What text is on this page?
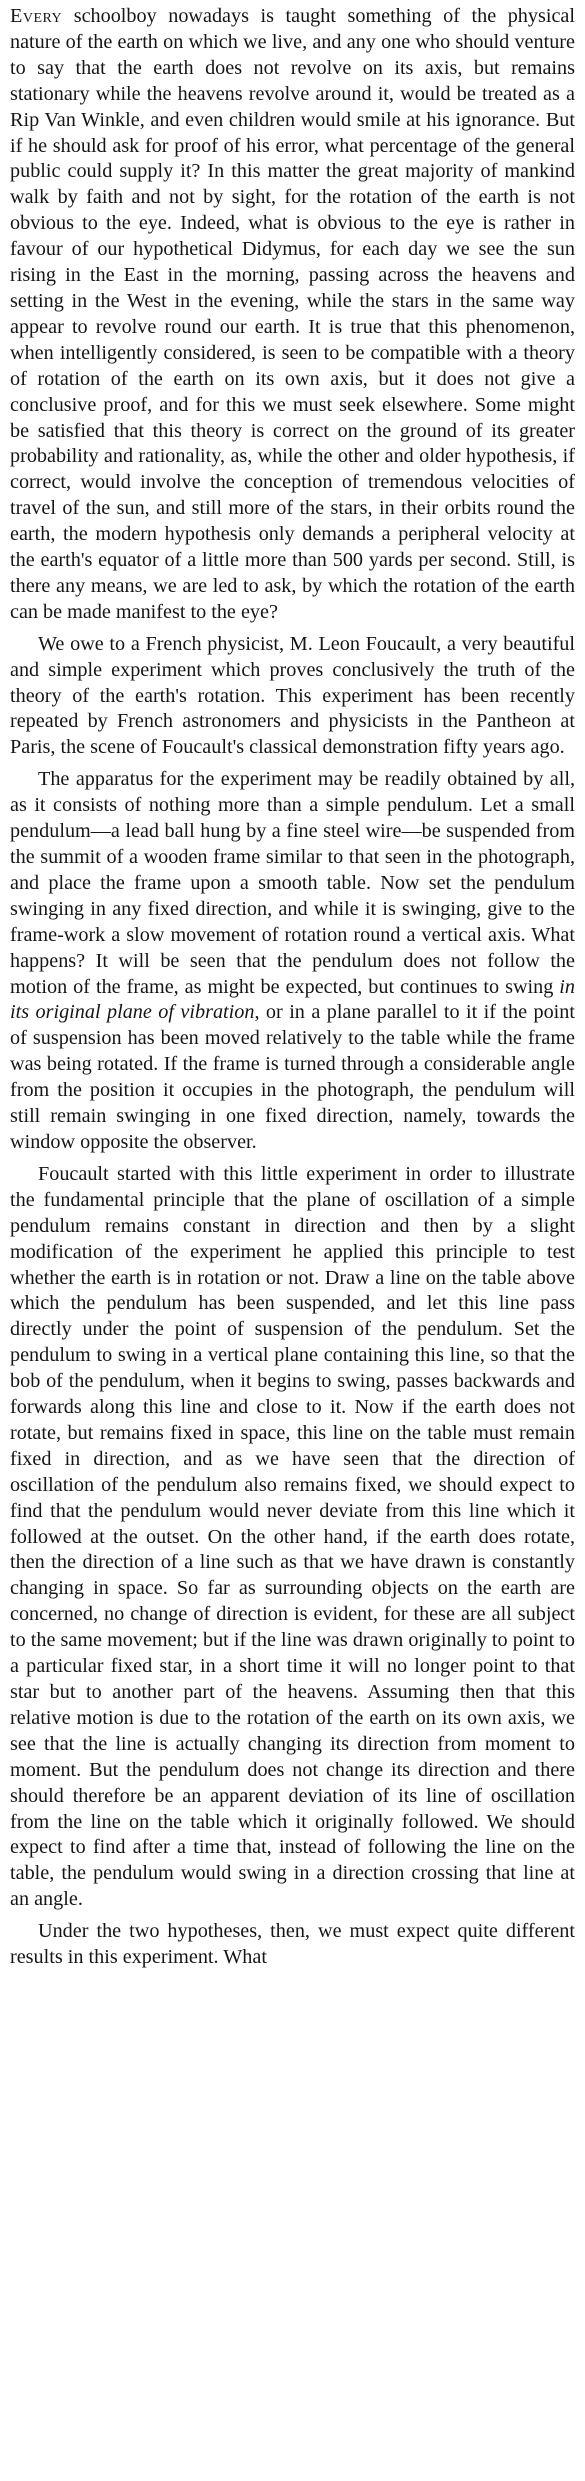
Every schoolboy nowadays is taught something of the physical nature of the earth on which we live, and any one who should venture to say that the earth does not revolve on its axis, but remains stationary while the heavens revolve around it, would be treated as a Rip Van Winkle, and even children would smile at his ignorance. But if he should ask for proof of his error, what percentage of the general public could supply it? In this matter the great majority of mankind walk by faith and not by sight, for the rotation of the earth is not obvious to the eye. Indeed, what is obvious to the eye is rather in favour of our hypothetical Didymus, for each day we see the sun rising in the East in the morning, passing across the heavens and setting in the West in the evening, while the stars in the same way appear to revolve round our earth. It is true that this phenomenon, when intelligently considered, is seen to be compatible with a theory of rotation of the earth on its own axis, but it does not give a conclusive proof, and for this we must seek elsewhere. Some might be satisfied that this theory is correct on the ground of its greater probability and rationality, as, while the other and older hypothesis, if correct, would involve the conception of tremendous velocities of travel of the sun, and still more of the stars, in their orbits round the earth, the modern hypothesis only demands a peripheral velocity at the earth's equator of a little more than 500 yards per second. Still, is there any means, we are led to ask, by which the rotation of the earth can be made manifest to the eye?

We owe to a French physicist, M. Leon Foucault, a very beautiful and simple experiment which proves conclusively the truth of the theory of the earth's rotation. This experiment has been recently repeated by French astronomers and physicists in the Pantheon at Paris, the scene of Foucault's classical demonstration fifty years ago.

The apparatus for the experiment may be readily obtained by all, as it consists of nothing more than a simple pendulum. Let a small pendulum—a lead ball hung by a fine steel wire—be suspended from the summit of a wooden frame similar to that seen in the photograph, and place the frame upon a smooth table. Now set the pendulum swinging in any fixed direction, and while it is swinging, give to the frame-work a slow movement of rotation round a vertical axis. What happens? It will be seen that the pendulum does not follow the motion of the frame, as might be expected, but continues to swing in its original plane of vibration, or in a plane parallel to it if the point of suspension has been moved relatively to the table while the frame was being rotated. If the frame is turned through a considerable angle from the position it occupies in the photograph, the pendulum will still remain swinging in one fixed direction, namely, towards the window opposite the observer.

Foucault started with this little experiment in order to illustrate the fundamental principle that the plane of oscillation of a simple pendulum remains constant in direction and then by a slight modification of the experiment he applied this principle to test whether the earth is in rotation or not. Draw a line on the table above which the pendulum has been suspended, and let this line pass directly under the point of suspension of the pendulum. Set the pendulum to swing in a vertical plane containing this line, so that the bob of the pendulum, when it begins to swing, passes backwards and forwards along this line and close to it. Now if the earth does not rotate, but remains fixed in space, this line on the table must remain fixed in direction, and as we have seen that the direction of oscillation of the pendulum also remains fixed, we should expect to find that the pendulum would never deviate from this line which it followed at the outset. On the other hand, if the earth does rotate, then the direction of a line such as that we have drawn is constantly changing in space. So far as surrounding objects on the earth are concerned, no change of direction is evident, for these are all subject to the same movement; but if the line was drawn originally to point to a particular fixed star, in a short time it will no longer point to that star but to another part of the heavens. Assuming then that this relative motion is due to the rotation of the earth on its own axis, we see that the line is actually changing its direction from moment to moment. But the pendulum does not change its direction and there should therefore be an apparent deviation of its line of oscillation from the line on the table which it originally followed. We should expect to find after a time that, instead of following the line on the table, the pendulum would swing in a direction crossing that line at an angle.

Under the two hypotheses, then, we must expect quite different results in this experiment. What
